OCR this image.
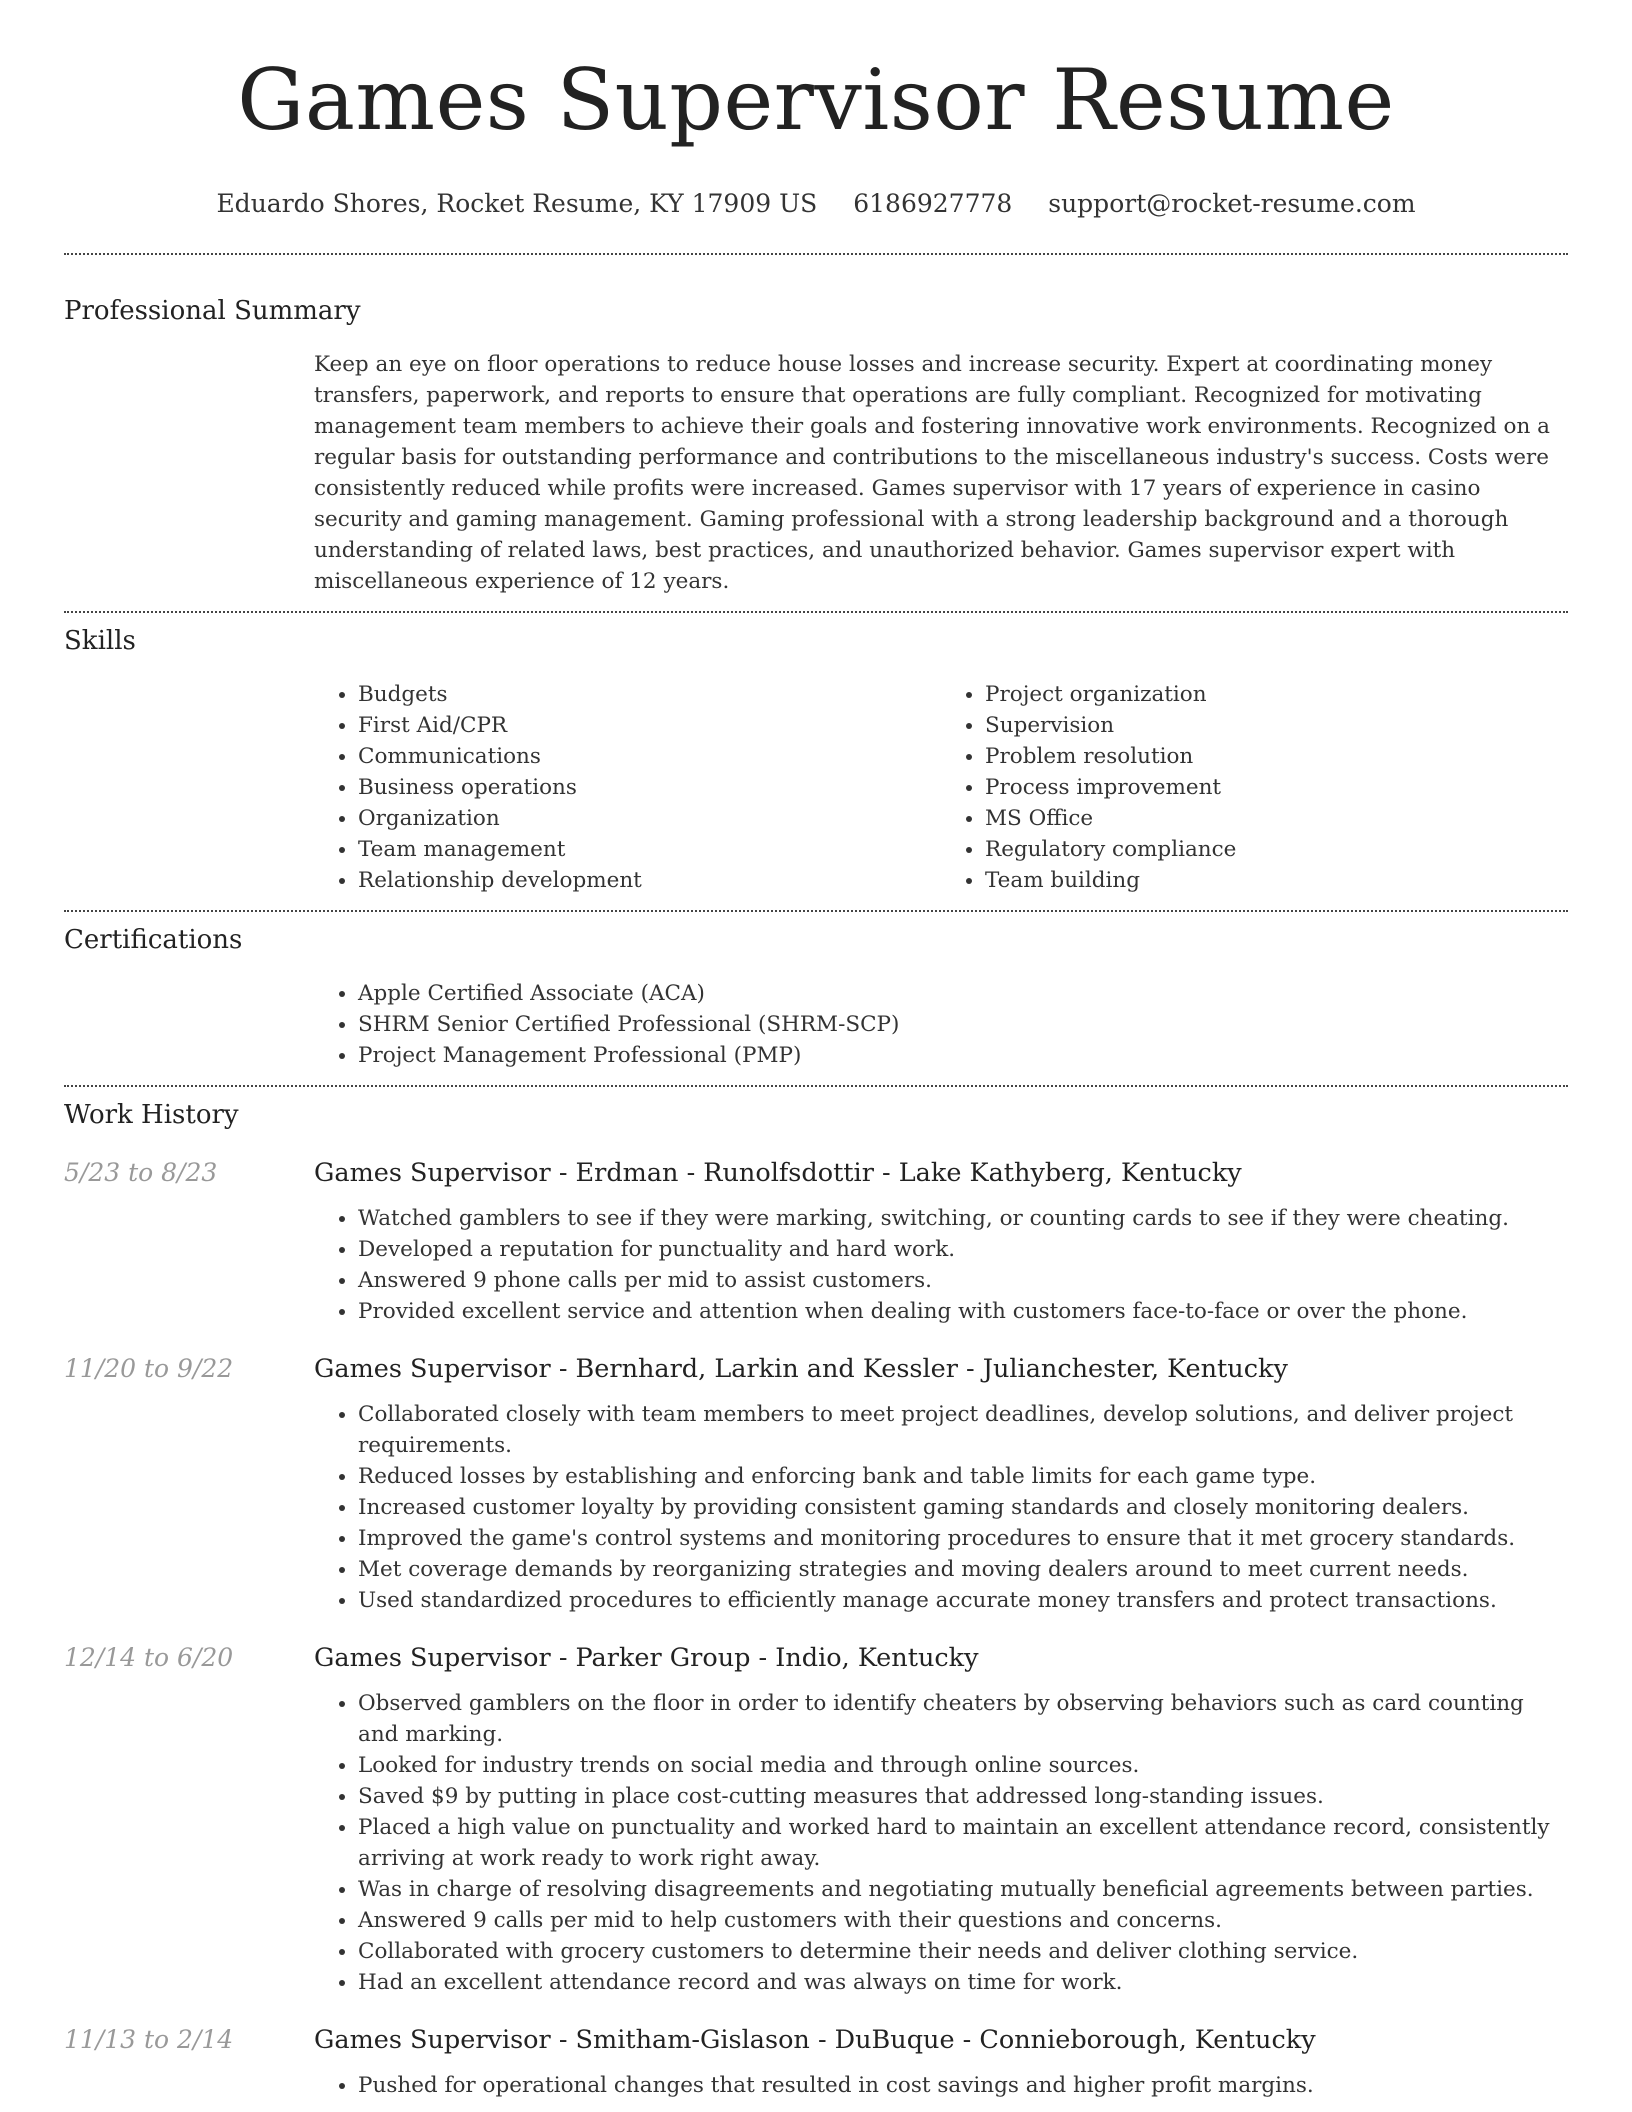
Games Supervisor Resume
Eduardo Shores, Rocket Resume, KY 17909 US 6186927778 support@rocket-resume.com
Professional Summary
Keep an eye on floor operations to reduce house losses and increase security. Expert at coordinating money transfers, paperwork, and reports to ensure that operations are fully compliant. Recognized for motivating management team members to achieve their goals and fostering innovative work environments. Recognized on a regular basis for outstanding performance and contributions to the miscellaneous industry's success. Costs were consistently reduced while profits were increased. Games supervisor with 17 years of experience in casino security and gaming management. Gaming professional with a strong leadership background and a thorough understanding of related laws, best practices, and unauthorized behavior. Games supervisor expert with miscellaneous experience of 12 years.
Skills
• Budgets
• First Aid/CPR
• Communications
• Business operations
• Organization
• Team management
• Relationship development
• Project organization
• Supervision
• Problem resolution
• Process improvement
• MS Office
• Regulatory compliance
• Team building
Certifications
• Apple Certified Associate (ACA)
• SHRM Senior Certified Professional (SHRM-SCP)
• Project Management Professional (PMP)
Work History
5/23 to 8/23	Games Supervisor - Erdman - Runolfsdottir - Lake Kathyberg, Kentucky
• Watched gamblers to see if they were marking, switching, or counting cards to see if they were cheating.
• Developed a reputation for punctuality and hard work.
• Answered 9 phone calls per mid to assist customers.
• Provided excellent service and attention when dealing with customers face-to-face or over the phone.
11/20 to 9/22	Games Supervisor - Bernhard, Larkin and Kessler - Julianchester, Kentucky
• Collaborated closely with team members to meet project deadlines, develop solutions, and deliver project requirements.
• Reduced losses by establishing and enforcing bank and table limits for each game type.
• Increased customer loyalty by providing consistent gaming standards and closely monitoring dealers.
• Improved the game's control systems and monitoring procedures to ensure that it met grocery standards.
• Met coverage demands by reorganizing strategies and moving dealers around to meet current needs.
• Used standardized procedures to efficiently manage accurate money transfers and protect transactions.
12/14 to 6/20	Games Supervisor - Parker Group - Indio, Kentucky
• Observed gamblers on the floor in order to identify cheaters by observing behaviors such as card counting and marking.
• Looked for industry trends on social media and through online sources.
• Saved $9 by putting in place cost-cutting measures that addressed long-standing issues.
• Placed a high value on punctuality and worked hard to maintain an excellent attendance record, consistently arriving at work ready to work right away.
• Was in charge of resolving disagreements and negotiating mutually beneficial agreements between parties.
• Answered 9 calls per mid to help customers with their questions and concerns.
• Collaborated with grocery customers to determine their needs and deliver clothing service.
• Had an excellent attendance record and was always on time for work.
11/13 to 2/14	Games Supervisor - Smitham-Gislason - DuBuque - Connieborough, Kentucky
• Pushed for operational changes that resulted in cost savings and higher profit margins.
